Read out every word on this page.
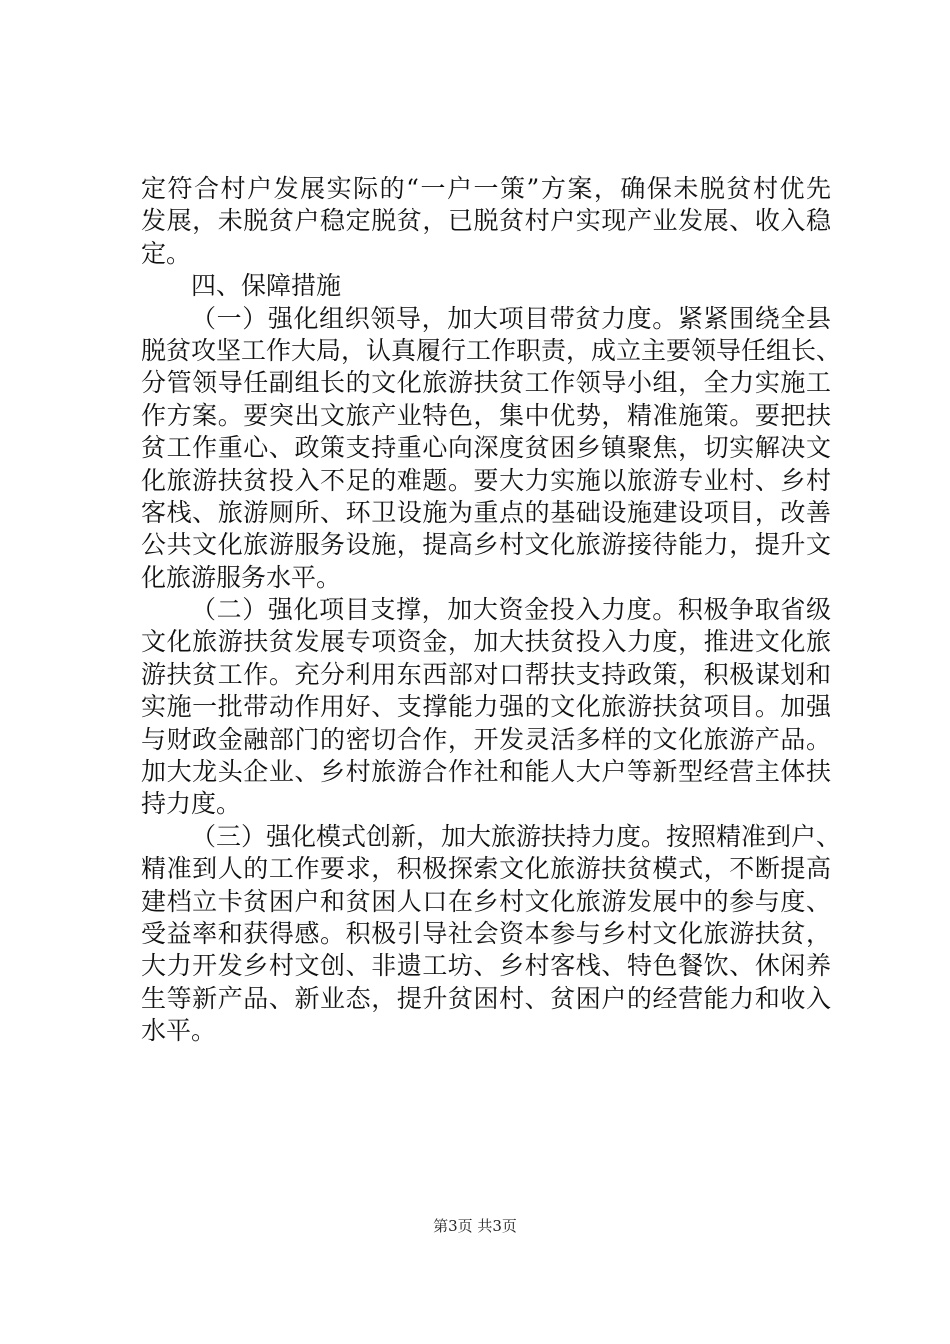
定符合村户发展实际的“一户一策”方案，确保未脱贫村优先
发展，未脱贫户稳定脱贫，已脱贫村户实现产业发展、收入稳
定。
四、保障措施
（一）强化组织领导，加大项目带贫力度。紧紧围绕全县
脱贫攻坚工作大局，认真履行工作职责，成立主要领导任组长、
分管领导任副组长的文化旅游扶贫工作领导小组，全力实施工
作方案。要突出文旅产业特色，集中优势，精准施策。要把扶
贫工作重心、政策支持重心向深度贫困乡镇聚焦，切实解决文
化旅游扶贫投入不足的难题。要大力实施以旅游专业村、乡村
客栈、旅游厕所、环卫设施为重点的基础设施建设项目，改善
公共文化旅游服务设施，提高乡村文化旅游接待能力，提升文
化旅游服务水平。
（二）强化项目支撑，加大资金投入力度。积极争取省级
文化旅游扶贫发展专项资金，加大扶贫投入力度，推进文化旅
游扶贫工作。充分利用东西部对口帮扶支持政策，积极谋划和
实施一批带动作用好、支撑能力强的文化旅游扶贫项目。加强
与财政金融部门的密切合作，开发灵活多样的文化旅游产品。
加大龙头企业、乡村旅游合作社和能人大户等新型经营主体扶
持力度。
（三）强化模式创新，加大旅游扶持力度。按照精准到户、
精准到人的工作要求，积极探索文化旅游扶贫模式，不断提高
建档立卡贫困户和贫困人口在乡村文化旅游发展中的参与度、
受益率和获得感。积极引导社会资本参与乡村文化旅游扶贫，
大力开发乡村文创、非遗工坊、乡村客栈、特色餐饮、休闲养
生等新产品、新业态，提升贫困村、贫困户的经营能力和收入
水平。
第3页 共3页
